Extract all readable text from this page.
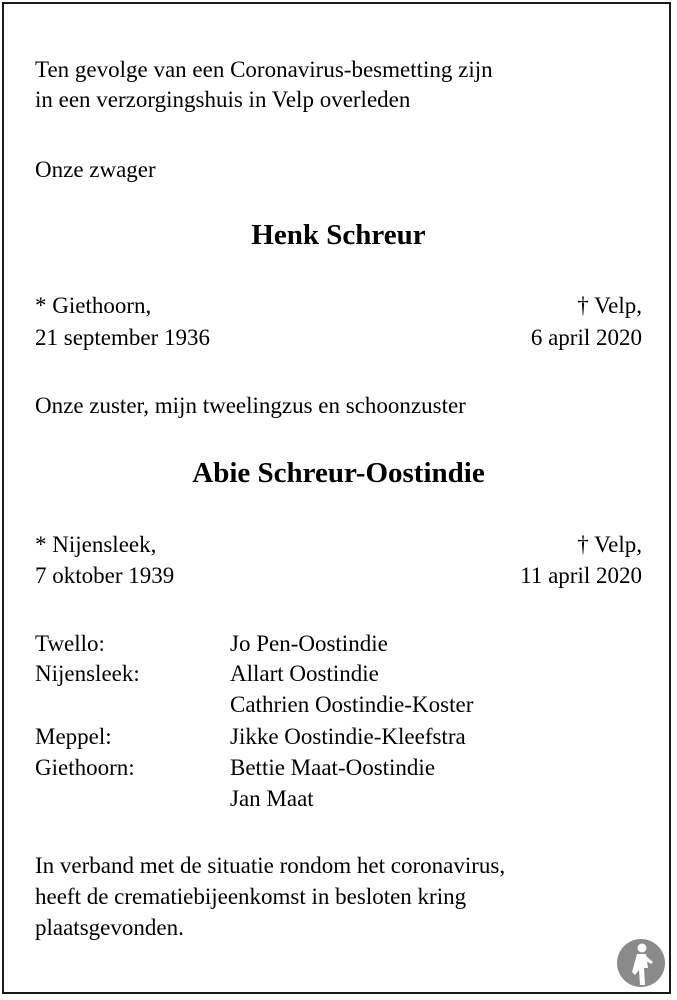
Ten gevolge van een Coronavirus-besmetting zijn
in een verzorgingshuis in Velp overleden
Onze zwager
Henk Schreur
* Giethoorn,
21 september 1936
† Velp,
6 april 2020
Onze zuster, mijn tweelingzus en schoonzuster
Abie Schreur-Oostindie
* Nijensleek,
7 oktober 1939
† Velp,
11 april 2020
Twello:	Jo Pen-Oostindie
Nijensleek:	Allart Oostindie
Cathrien Oostindie-Koster
Meppel:	Jikke Oostindie-Kleefstra
Giethoorn:	Bettie Maat-Oostindie
Jan Maat
In verband met de situatie rondom het coronavirus,
heeft de crematiebijeenkomst in besloten kring
plaatsgevonden.
